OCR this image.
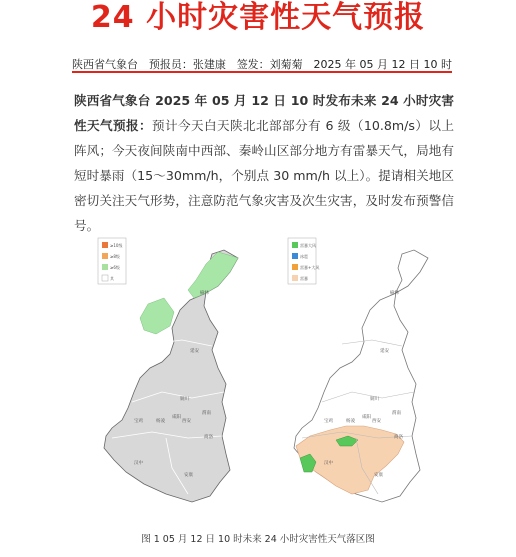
24 小时灾害性天气预报
陕西省气象台 预报员：张建康 签发：刘菊菊 2025 年 05 月 12 日 10 时
陕西省气象台 2025 年 05 月 12 日 10 时发布未来 24 小时灾害性天气预报：预计今天白天陕北北部部分有 6 级（10.8m/s）以上阵风；今天夜间陕南中西部、秦岭山区部分地方有雷暴天气，局地有短时暴雨（15～30mm/h，个别点 30 mm/h 以上）。提请相关地区密切关注天气形势，注意防范气象灾害及次生灾害，及时发布预警信号。
≥10级
≥8级
≥6级
其
榆林
延安
铜川
宝鸡	杨凌
咸阳
西安
渭南
商洛
汉中
安康
雷暴大风
冰雹
雷暴+大风
雷暴
榆林
延安
铜川
宝鸡	杨凌
咸阳
西安
渭南
商洛
汉中
安康
图 1 05 月 12 日 10 时未来 24 小时灾害性天气落区图
